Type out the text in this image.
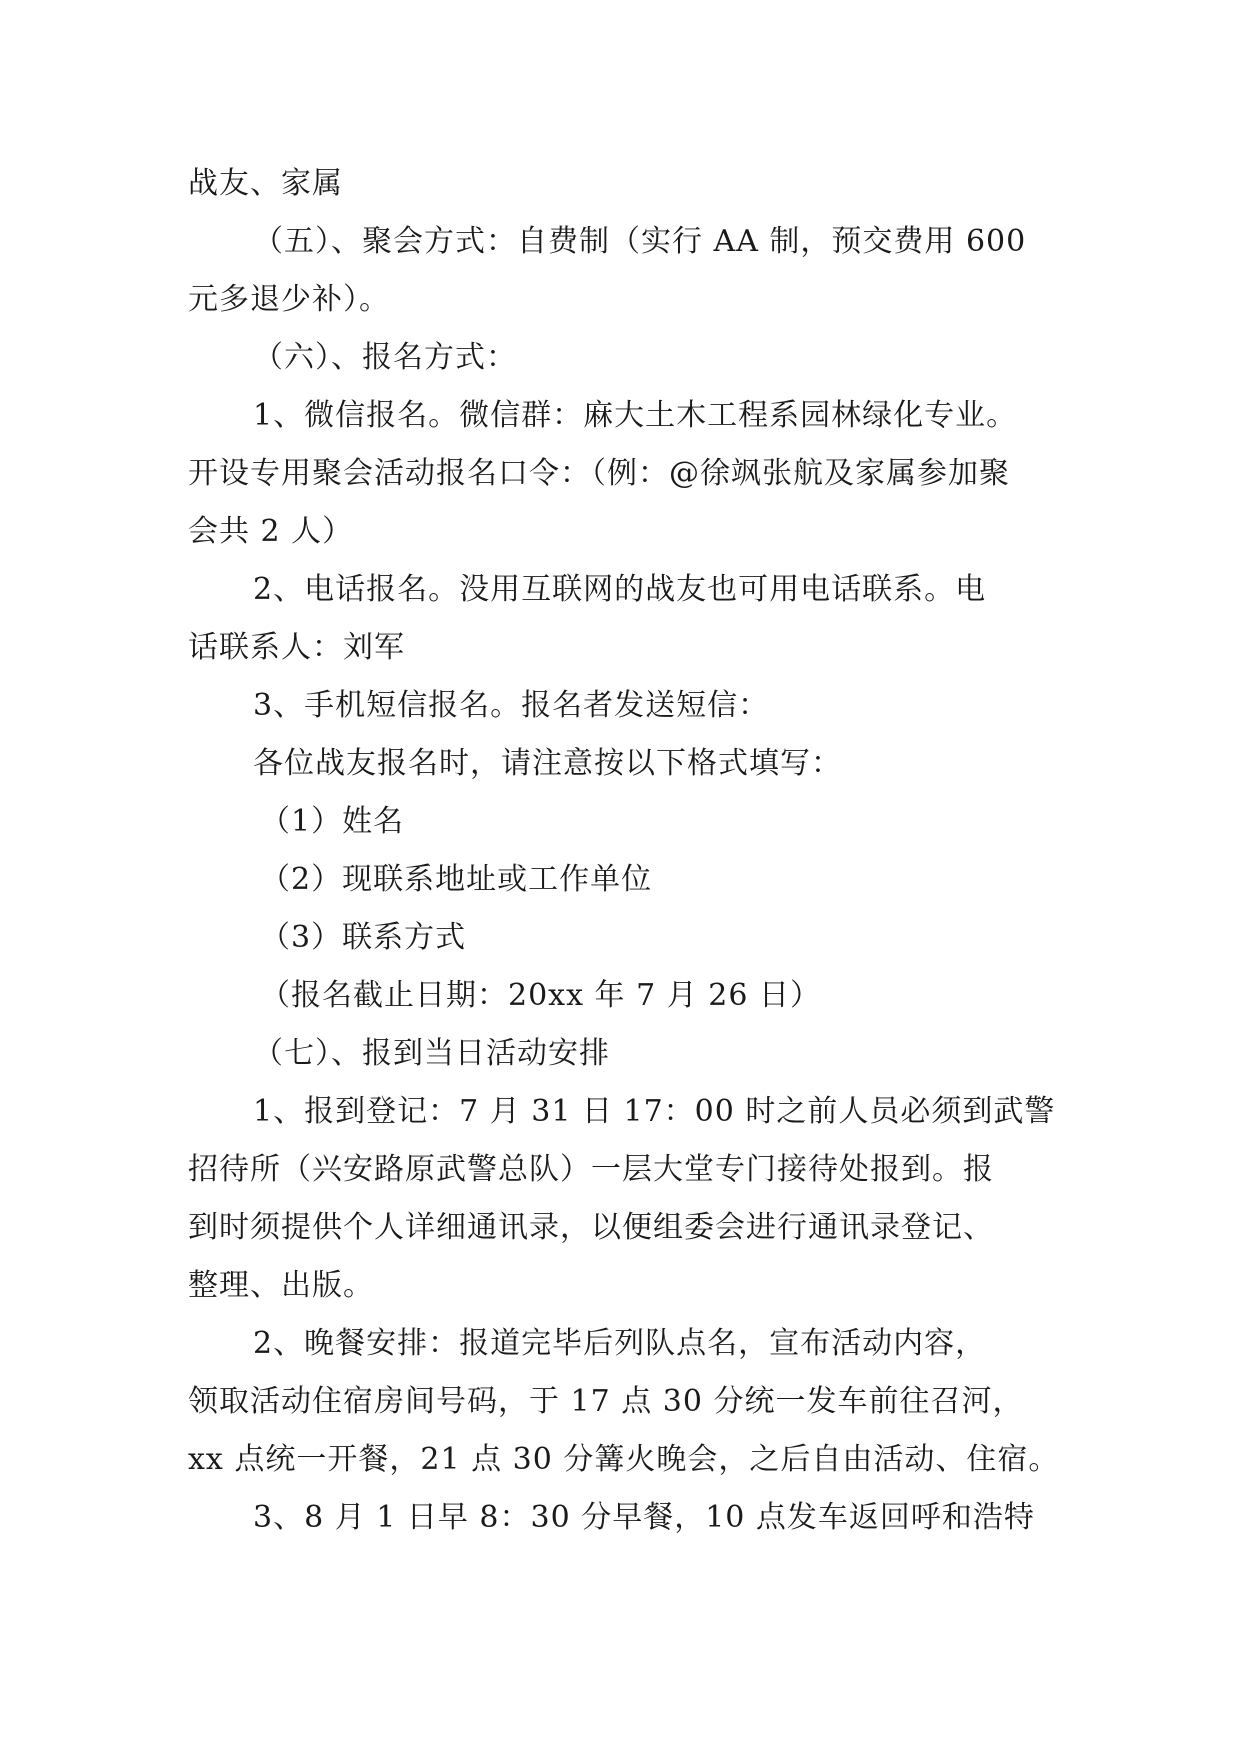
战友、家属
（五）、聚会方式：自费制（实行 AA 制，预交费用 600
元多退少补）。
（六）、报名方式：
1、微信报名。微信群：麻大土木工程系园林绿化专业。
开设专用聚会活动报名口令：（例：@徐飒张航及家属参加聚
会共 2 人）
2、电话报名。没用互联网的战友也可用电话联系。电
话联系人：刘军
3、手机短信报名。报名者发送短信：
各位战友报名时，请注意按以下格式填写：
（1）姓名
（2）现联系地址或工作单位
（3）联系方式
（报名截止日期：20xx 年 7 月 26 日）
（七）、报到当日活动安排
1、报到登记：7 月 31 日 17：00 时之前人员必须到武警
招待所（兴安路原武警总队）一层大堂专门接待处报到。报
到时须提供个人详细通讯录，以便组委会进行通讯录登记、
整理、出版。
2、晚餐安排：报道完毕后列队点名，宣布活动内容，
领取活动住宿房间号码，于 17 点 30 分统一发车前往召河，
xx 点统一开餐，21 点 30 分篝火晚会，之后自由活动、住宿。
3、8 月 1 日早 8：30 分早餐，10 点发车返回呼和浩特
